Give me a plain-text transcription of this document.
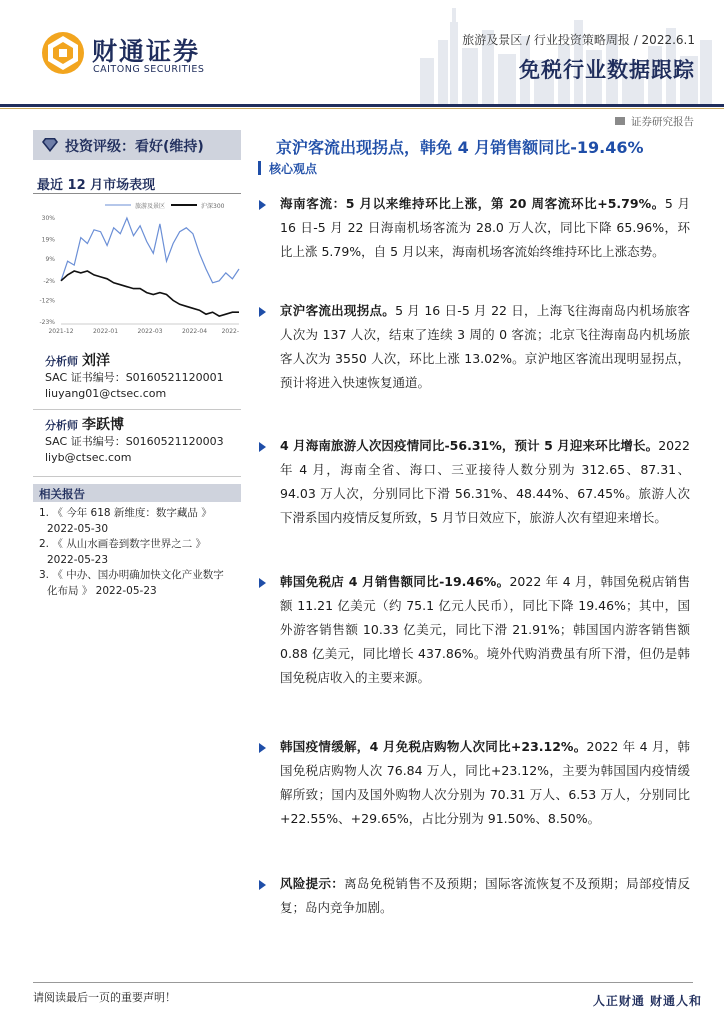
财通证券
CAITONG SECURITIES
旅游及景区 / 行业投资策略周报 / 2022.6.1
免税行业数据跟踪
证券研究报告
投资评级：看好(维持)
最近 12 月市场表现
旅游及景区	沪深300
30%
19%
9%
-2%
-12%
-23%
2021-12	2022-01	2022-03	2022-04 2022-
分析师 刘洋
SAC 证书编号：S0160521120001
liuyang01@ctsec.com
分析师 李跃博
SAC 证书编号：S0160521120003
liyb@ctsec.com
相关报告
1. 《 今年 618 新维度：数字藏品 》
2022-05-30
2. 《 从山水画卷到数字世界之二 》
2022-05-23
3. 《 中办、国办明确加快文化产业数字
化布局 》 2022-05-23
京沪客流出现拐点，韩免 4 月销售额同比-19.46%
核心观点
海南客流：5 月以来维持环比上涨，第 20 周客流环比+5.79%。5 月 16 日-5 月 22 日海南机场客流为 28.0 万人次，同比下降 65.96%，环比上涨 5.79%，自 5 月以来，海南机场客流始终维持环比上涨态势。
京沪客流出现拐点。5 月 16 日-5 月 22 日，上海飞往海南岛内机场旅客人次为 137 人次，结束了连续 3 周的 0 客流；北京飞往海南岛内机场旅客人次为 3550 人次，环比上涨 13.02%。京沪地区客流出现明显拐点，预计将进入快速恢复通道。
4 月海南旅游人次因疫情同比-56.31%，预计 5 月迎来环比增长。2022 年 4 月，海南全省、海口、三亚接待人数分别为 312.65、87.31、94.03 万人次，分别同比下滑 56.31%、48.44%、67.45%。旅游人次下滑系国内疫情反复所致，5 月节日效应下，旅游人次有望迎来增长。
韩国免税店 4 月销售额同比-19.46%。2022 年 4 月，韩国免税店销售额 11.21 亿美元（约 75.1 亿元人民币），同比下降 19.46%；其中，国外游客销售额 10.33 亿美元，同比下滑 21.91%；韩国国内游客销售额 0.88 亿美元，同比增长 437.86%。境外代购消费虽有所下滑，但仍是韩国免税店收入的主要来源。
韩国疫情缓解，4 月免税店购物人次同比+23.12%。2022 年 4 月，韩国免税店购物人次 76.84 万人，同比+23.12%，主要为韩国国内疫情缓解所致；国内及国外购物人次分别为 70.31 万人、6.53 万人，分别同比+22.55%、+29.65%，占比分别为 91.50%、8.50%。
风险提示：离岛免税销售不及预期；国际客流恢复不及预期；局部疫情反复；岛内竞争加剧。
请阅读最后一页的重要声明！	人正财通 财通人和
